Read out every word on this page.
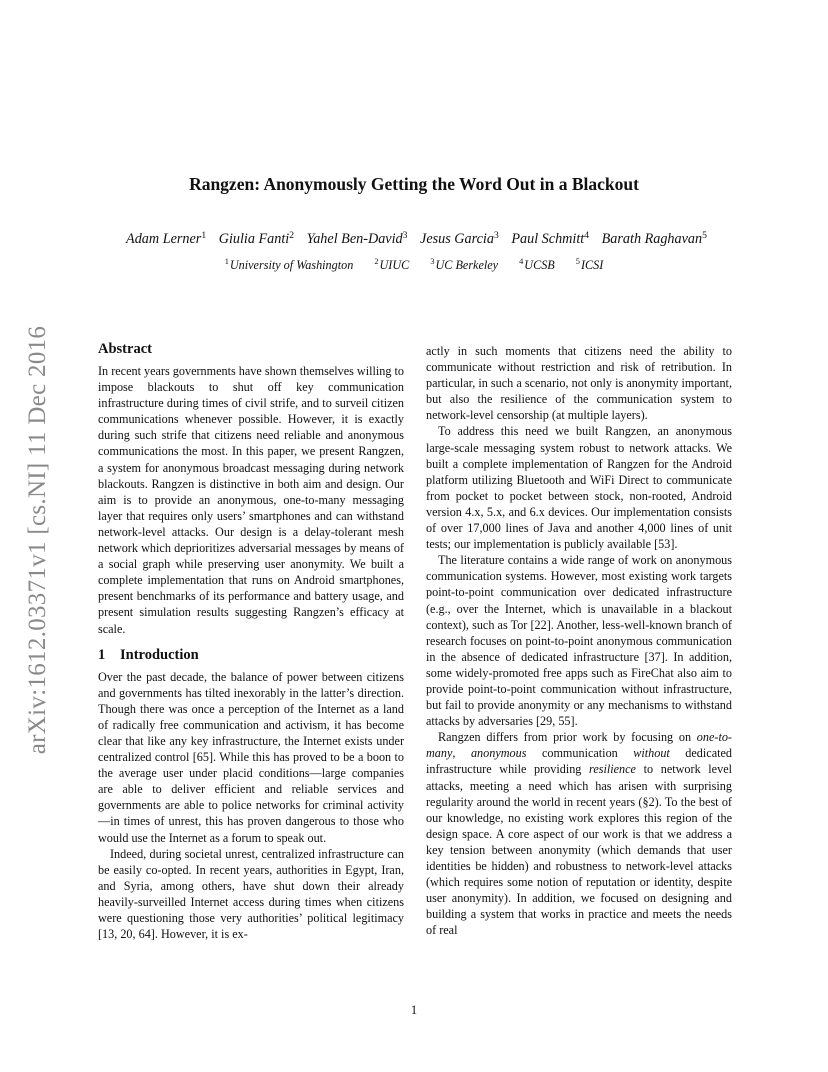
arXiv:1612.03371v1 [cs.NI] 11 Dec 2016
Rangzen: Anonymously Getting the Word Out in a Blackout
Adam Lerner$^1$ Giulia Fanti$^2$ Yahel Ben-David$^3$ Jesus Garcia$^3$ Paul Schmitt$^4$ Barath Raghavan$^5$
$^1$University of Washington	$^2$UIUC	$^3$UC Berkeley	$^4$UCSB	$^5$ICSI
Abstract

In recent years governments have shown themselves willing to impose blackouts to shut off key communication infrastructure during times of civil strife, and to surveil citizen communications whenever possible. However, it is exactly during such strife that citizens need reliable and anonymous communications the most. In this paper, we present Rangzen, a system for anonymous broadcast messaging during network blackouts. Rangzen is distinctive in both aim and design. Our aim is to provide an anonymous, one-to-many messaging layer that requires only users’ smartphones and can withstand network-level attacks. Our design is a delay-tolerant mesh network which deprioritizes adversarial messages by means of a social graph while preserving user anonymity. We built a complete implementation that runs on Android smartphones, present benchmarks of its performance and battery usage, and present simulation results suggesting Rangzen’s efficacy at scale.

1 Introduction

Over the past decade, the balance of power between citizens and governments has tilted inexorably in the latter’s direction. Though there was once a perception of the Internet as a land of radically free communication and activism, it has become clear that like any key infrastructure, the Internet exists under centralized control [65]. While this has proved to be a boon to the average user under placid conditions—large companies are able to deliver efficient and reliable services and governments are able to police networks for criminal activity—in times of unrest, this has proven dangerous to those who would use the Internet as a forum to speak out.

Indeed, during societal unrest, centralized infrastructure can be easily co-opted. In recent years, authorities in Egypt, Iran, and Syria, among others, have shut down their already heavily-surveilled Internet access during times when citizens were questioning those very authorities’ political legitimacy [13, 20, 64]. However, it is ex-

actly in such moments that citizens need the ability to communicate without restriction and risk of retribution. In particular, in such a scenario, not only is anonymity important, but also the resilience of the communication system to network-level censorship (at multiple layers).

To address this need we built Rangzen, an anonymous large-scale messaging system robust to network attacks. We built a complete implementation of Rangzen for the Android platform utilizing Bluetooth and WiFi Direct to communicate from pocket to pocket between stock, non-rooted, Android version 4.x, 5.x, and 6.x devices. Our implementation consists of over 17,000 lines of Java and another 4,000 lines of unit tests; our implementation is publicly available [53].

The literature contains a wide range of work on anonymous communication systems. However, most existing work targets point-to-point communication over dedicated infrastructure (e.g., over the Internet, which is unavailable in a blackout context), such as Tor [22]. Another, less-well-known branch of research focuses on point-to-point anonymous communication in the absence of dedicated infrastructure [37]. In addition, some widely-promoted free apps such as FireChat also aim to provide point-to-point communication without infrastructure, but fail to provide anonymity or any mechanisms to withstand attacks by adversaries [29, 55].

Rangzen differs from prior work by focusing on one-to-many, anonymous communication without dedicated infrastructure while providing resilience to network level attacks, meeting a need which has arisen with surprising regularity around the world in recent years (§2). To the best of our knowledge, no existing work explores this region of the design space. A core aspect of our work is that we address a key tension between anonymity (which demands that user identities be hidden) and robustness to network-level attacks (which requires some notion of reputation or identity, despite user anonymity). In addition, we focused on designing and building a system that works in practice and meets the needs of real

1
